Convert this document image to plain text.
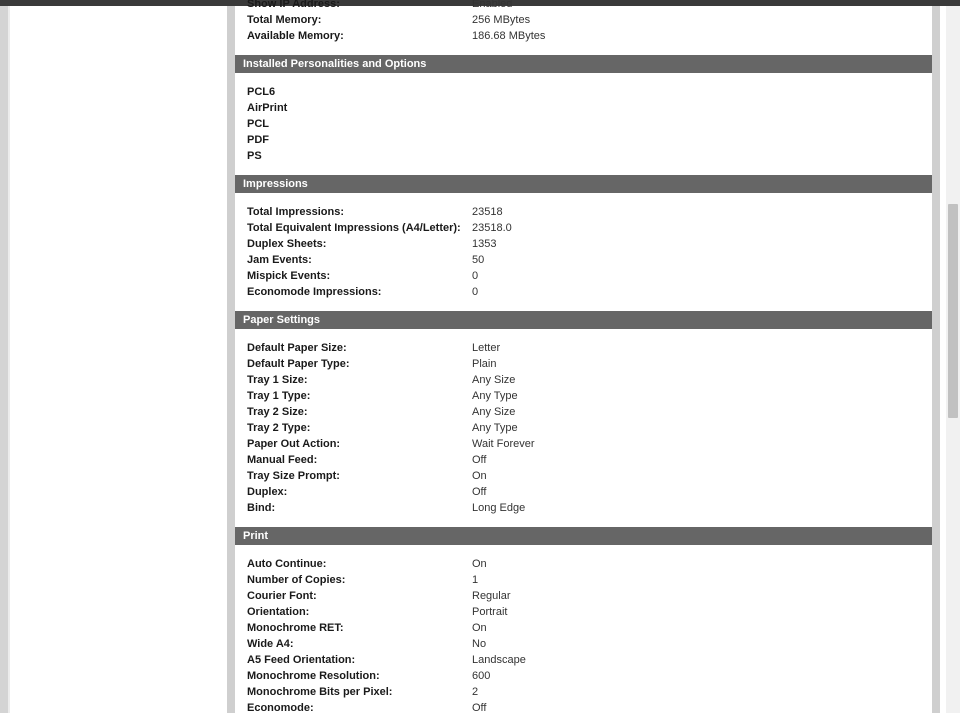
Show IP Address:	Enabled
Total Memory:	256 MBytes
Available Memory:	186.68 MBytes
Installed Personalities and Options
PCL6
AirPrint
PCL
PDF
PS
Impressions
Total Impressions:	23518
Total Equivalent Impressions (A4/Letter): 23518.0
Duplex Sheets:	1353
Jam Events:	50
Mispick Events:	0
Economode Impressions:	0
Paper Settings
Default Paper Size:	Letter
Default Paper Type:	Plain
Tray 1 Size:	Any Size
Tray 1 Type:	Any Type
Tray 2 Size:	Any Size
Tray 2 Type:	Any Type
Paper Out Action:	Wait Forever
Manual Feed:	Off
Tray Size Prompt:	On
Duplex:	Off
Bind:	Long Edge
Print
Auto Continue:	On
Number of Copies:	1
Courier Font:	Regular
Orientation:	Portrait
Monochrome RET:	On
Wide A4:	No
A5 Feed Orientation:	Landscape
Monochrome Resolution:	600
Monochrome Bits per Pixel:	2
Economode:	Off
